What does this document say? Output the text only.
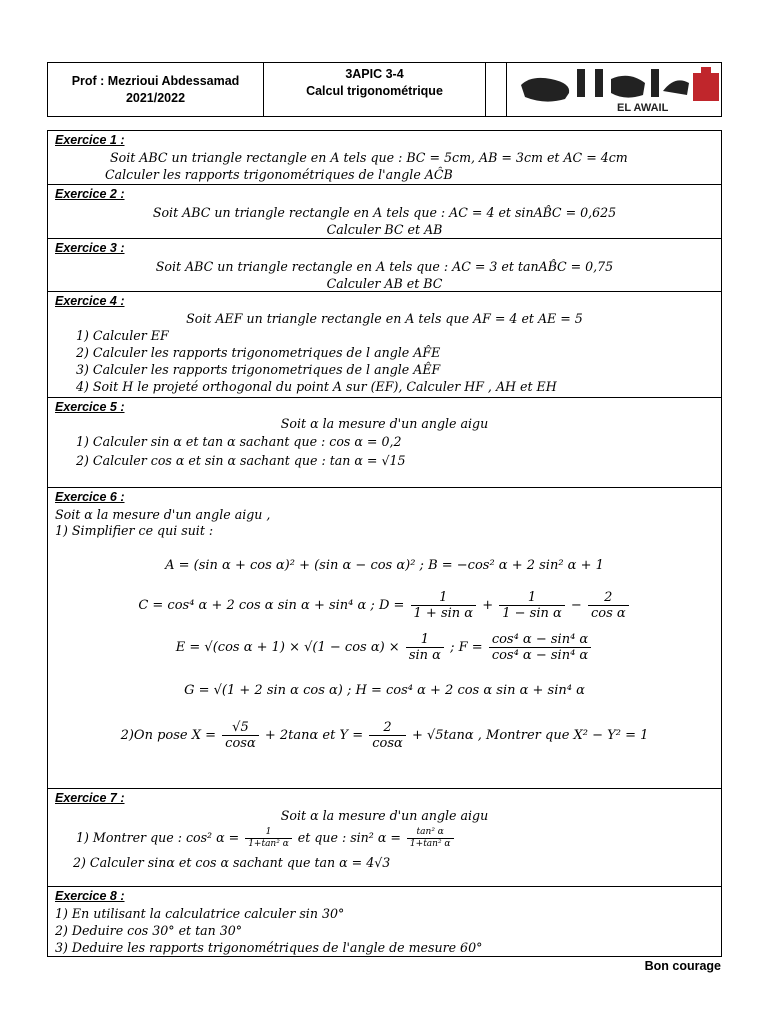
Prof : Mezrioui Abdessamad
2021/2022
3APIC 3-4
Calcul trigonométrique
EL AWAIL
Exercice 1 :
Soit ABC un triangle rectangle en A tels que : BC = 5cm, AB = 3cm et AC = 4cm
Calculer les rapports trigonométriques de l'angle AĈB
Exercice 2 :
Soit ABC un triangle rectangle en A tels que : AC = 4 et sinAB̂C = 0,625
Calculer BC et AB
Exercice 3 :
Soit ABC un triangle rectangle en A tels que : AC = 3 et tanAB̂C = 0,75
Calculer AB et BC
Exercice 4 :
Soit AEF un triangle rectangle en A tels que AF = 4 et AE = 5
1) Calculer EF
2) Calculer les rapports trigonometriques de l angle AF̂E
3) Calculer les rapports trigonometriques de l angle AÊF
4) Soit H le projeté orthogonal du point A sur (EF), Calculer HF , AH et EH
Exercice 5 :
Soit α la mesure d'un angle aigu
1) Calculer sin α et tan α sachant que : cos α = 0,2
2) Calculer cos α et sin α sachant que : tan α = √15
Exercice 6 :
Soit α la mesure d'un angle aigu ,
1) Simplifier ce qui suit :
A = (sin α + cos α)² + (sin α − cos α)² ; B = −cos² α + 2 sin² α + 1
C = cos⁴ α + 2 cos α sin α + sin⁴ α ; $D = \frac{1}{\text{1 + sin α}} + \frac{1}{\text{1 − sin α}} - \frac{2}{\text{cos α}}$
E = √(cos $\alpha + 1) \times √(1 - \cos \alpha) \times \frac{1}{\text{sin α}}$ ; $F = \frac{\text{cos⁴ α − sin⁴ α}}{\text{cos⁴ α − sin⁴ α}}$
G = √(1 + 2 sin α cos α) ; H = cos⁴ α + 2 cos α sin α + sin⁴ α
2)On pose $X = \frac{√5}{\cos\alpha} + 2\tan\alpha$ et $Y = \frac{2}{\cos\alpha} + √5\tan\alpha$ , Montrer que X² − Y² = 1
Exercice 7 :
Soit α la mesure d'un angle aigu
1) Montrer que : cos² $\alpha = \frac{1}{\text{1+tan² α}}$ et que : sin² $\alpha = \frac{\text{tan² α}}{\text{1+tan² α}}$
2) Calculer sinα et cos α sachant que tan α = 4√3
Exercice 8 :
1) En utilisant la calculatrice calculer sin 30°
2) Deduire cos 30° et tan 30°
3) Deduire les rapports trigonométriques de l'angle de mesure 60°
Bon courage
